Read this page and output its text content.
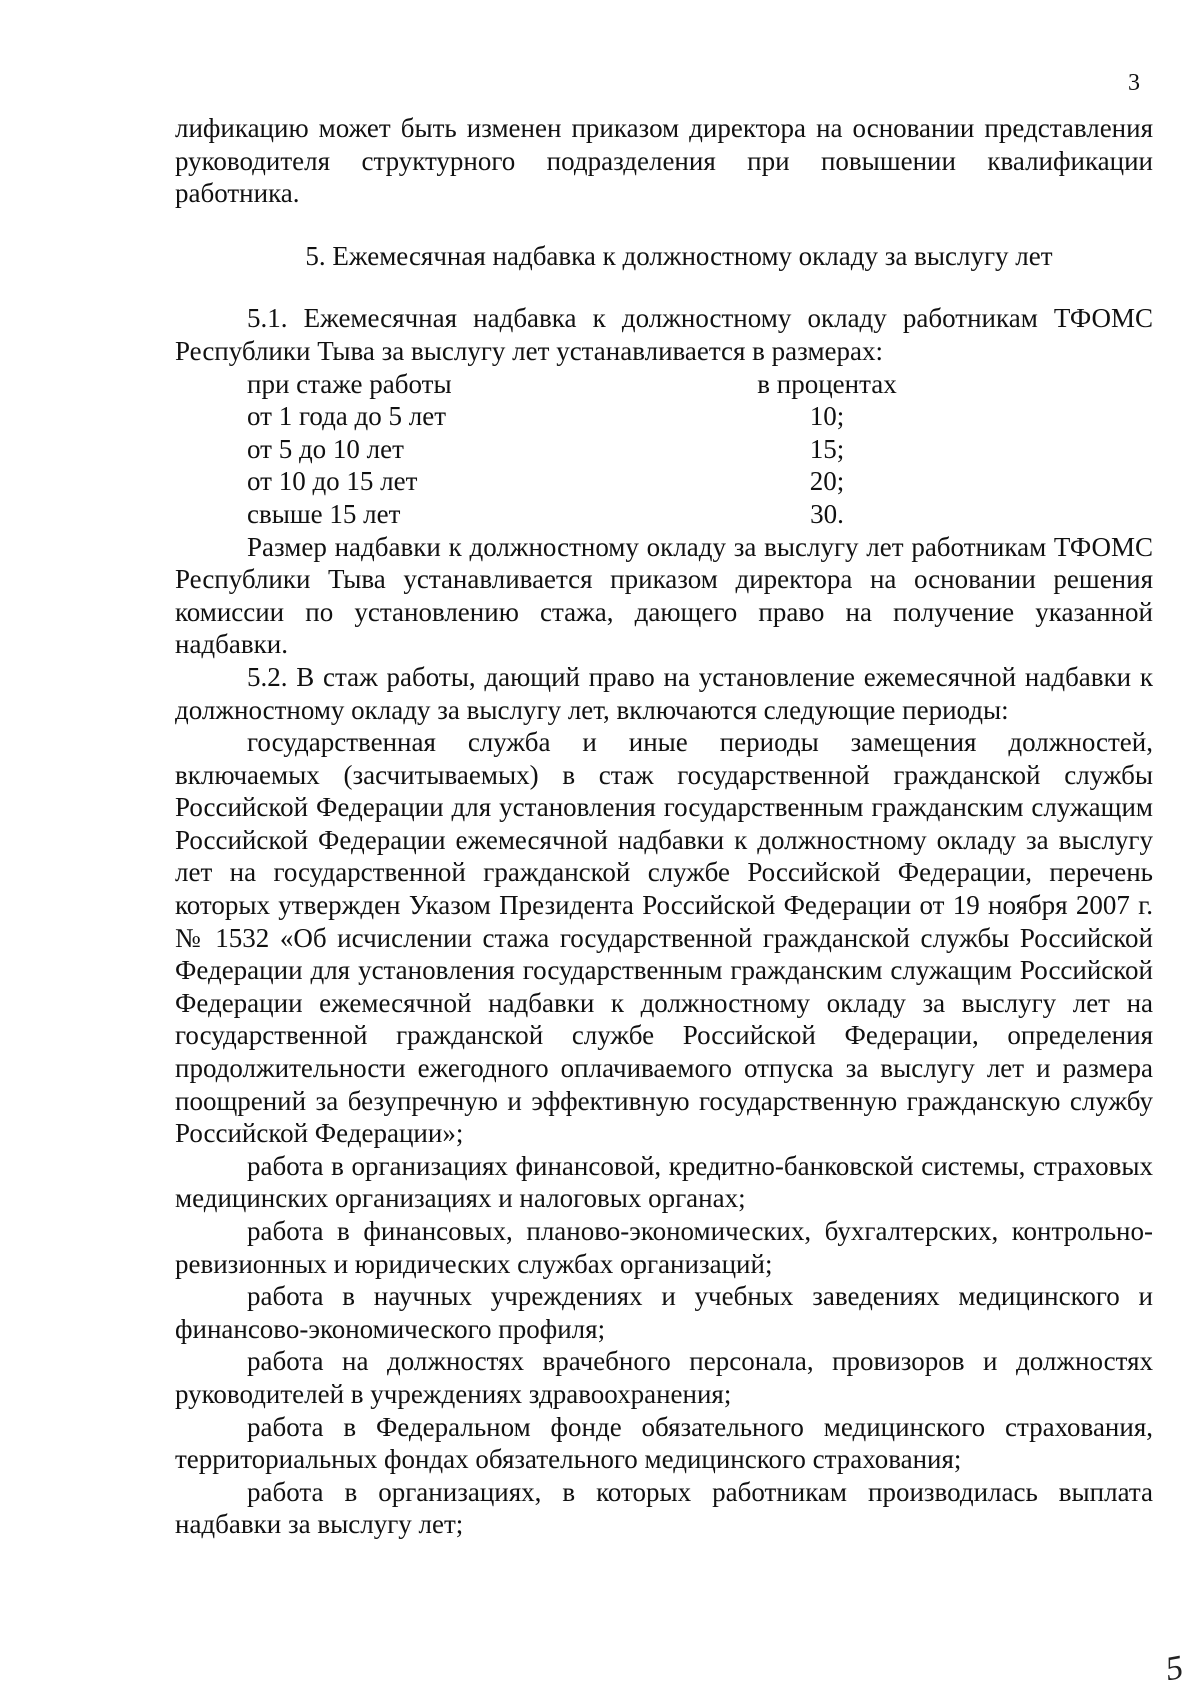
3

лификацию может быть изменен приказом директора на основании представления руководителя структурного подразделения при повышении квалификации работника.

5. Ежемесячная надбавка к должностному окладу за выслугу лет

5.1. Ежемесячная надбавка к должностному окладу работникам ТФОМС Республики Тыва за выслугу лет устанавливается в размерах:

при стаже работы	в процентах
от 1 года до 5 лет	10;
от 5 до 10 лет	15;
от 10 до 15 лет	20;
свыше 15 лет	30.

Размер надбавки к должностному окладу за выслугу лет работникам ТФОМС Республики Тыва устанавливается приказом директора на основании решения комиссии по установлению стажа, дающего право на получение указанной надбавки.

5.2. В стаж работы, дающий право на установление ежемесячной надбавки к должностному окладу за выслугу лет, включаются следующие периоды:

государственная служба и иные периоды замещения должностей, включаемых (засчитываемых) в стаж государственной гражданской службы Российской Федерации для установления государственным гражданским служащим Российской Федерации ежемесячной надбавки к должностному окладу за выслугу лет на государственной гражданской службе Российской Федерации, перечень которых утвержден Указом Президента Российской Федерации от 19 ноября 2007 г. № 1532 «Об исчислении стажа государственной гражданской службы Российской Федерации для установления государственным гражданским служащим Российской Федерации ежемесячной надбавки к должностному окладу за выслугу лет на государственной гражданской службе Российской Федерации, определения продолжительности ежегодного оплачиваемого отпуска за выслугу лет и размера поощрений за безупречную и эффективную государственную гражданскую службу Российской Федерации»;

работа в организациях финансовой, кредитно-банковской системы, страховых медицинских организациях и налоговых органах;

работа в финансовых, планово-экономических, бухгалтерских, контрольно-ревизионных и юридических службах организаций;

работа в научных учреждениях и учебных заведениях медицинского и финансово-экономического профиля;

работа на должностях врачебного персонала, провизоров и должностях руководителей в учреждениях здравоохранения;

работа в Федеральном фонде обязательного медицинского страхования, территориальных фондах обязательного медицинского страхования;

работа в организациях, в которых работникам производилась выплата надбавки за выслугу лет;

5
